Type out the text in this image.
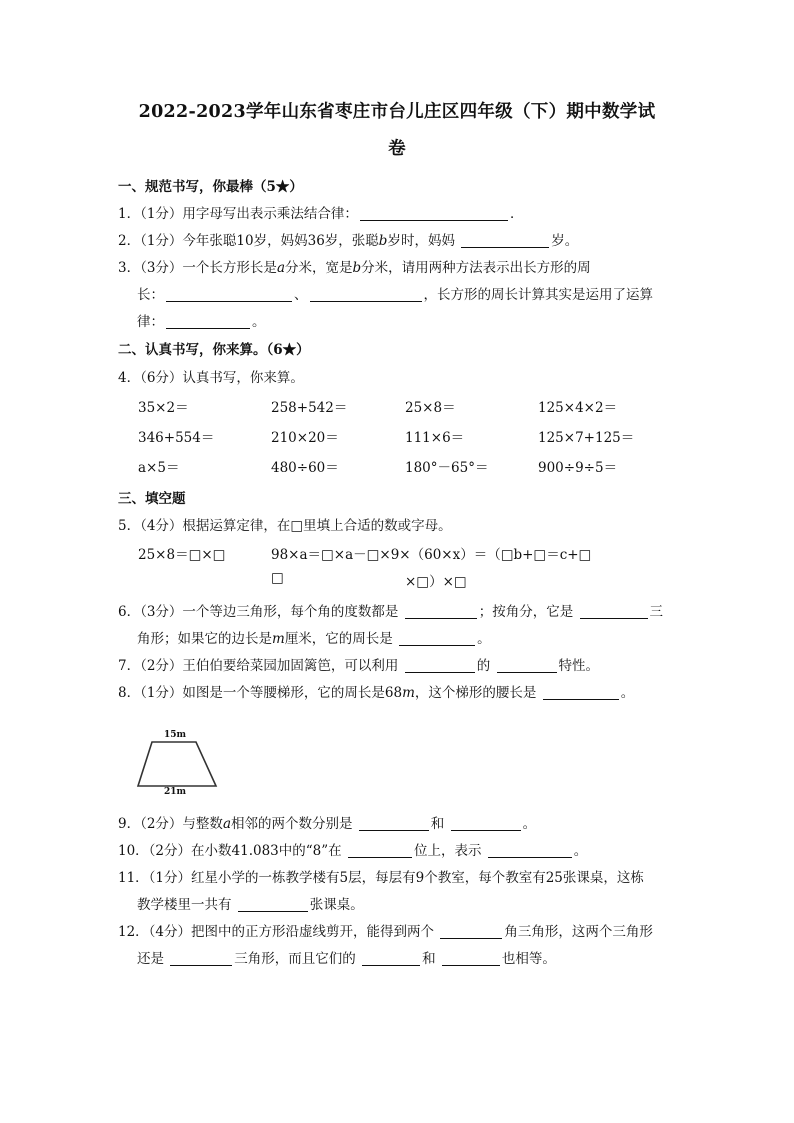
2022-2023学年山东省枣庄市台儿庄区四年级（下）期中数学试
卷
一、规范书写，你最棒（5★）
1．（1分）用字母写出表示乘法结合律：	．
2．（1分）今年张聪10岁，妈妈36岁，张聪b岁时，妈妈	岁。
3．（3分）一个长方形长是a分米，宽是b分米，请用两种方法表示出长方形的周
长：	、	，长方形的周长计算其实是运用了运算
律：	。
二、认真书写，你来算。（6★）
4．（6分）认真书写，你来算。
35×2＝	258+542＝	25×8＝	125×4×2＝
346+554＝	210×20＝	111×6＝	125×7+125＝
a×5＝	480÷60＝	180°－65°＝	900÷9÷5＝
三、填空题
5．（4分）根据运算定律，在□里填上合适的数或字母。
25×8＝□×□	98×a＝□×a－□×9×（60×x）＝（□b+□＝c+□
□	×□）×□
6．（3分）一个等边三角形，每个角的度数都是	；按角分，它是	三
角形；如果它的边长是m厘米，它的周长是	。
7．（2分）王伯伯要给菜园加固篱笆，可以利用	的	特性。
8．（1分）如图是一个等腰梯形，它的周长是68m，这个梯形的腰长是	。
15m
21m
9．（2分）与整数a相邻的两个数分别是	和	。
10．（2分）在小数41.083中的“8”在	位上，表示	。
11．（1分）红星小学的一栋教学楼有5层，每层有9个教室，每个教室有25张课桌，这栋
教学楼里一共有	张课桌。
12．（4分）把图中的正方形沿虚线剪开，能得到两个	角三角形，这两个三角形
还是	三角形，而且它们的	和	也相等。
